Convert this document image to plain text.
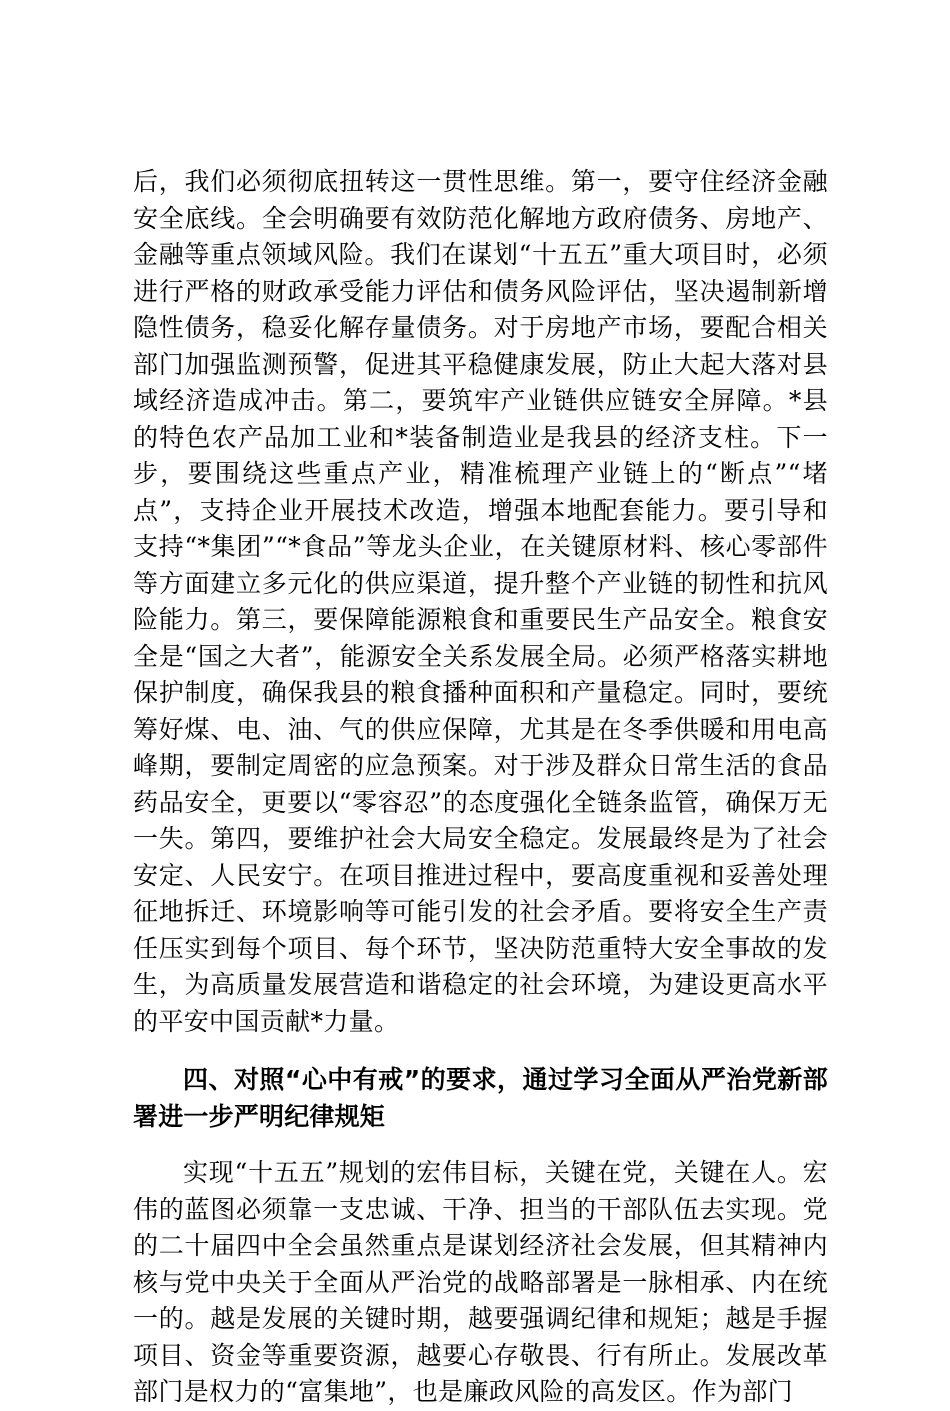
后，我们必须彻底扭转这一贯性思维。第一，要守住经济金融安全底线。全会明确要有效防范化解地方政府债务、房地产、金融等重点领域风险。我们在谋划“十五五”重大项目时，必须进行严格的财政承受能力评估和债务风险评估，坚决遏制新增隐性债务，稳妥化解存量债务。对于房地产市场，要配合相关部门加强监测预警，促进其平稳健康发展，防止大起大落对县域经济造成冲击。第二，要筑牢产业链供应链安全屏障。*县的特色农产品加工业和*装备制造业是我县的经济支柱。下一步，要围绕这些重点产业，精准梳理产业链上的“断点”“堵点”，支持企业开展技术改造，增强本地配套能力。要引导和支持“*集团”“*食品”等龙头企业，在关键原材料、核心零部件等方面建立多元化的供应渠道，提升整个产业链的韧性和抗风险能力。第三，要保障能源粮食和重要民生产品安全。粮食安全是“国之大者”，能源安全关系发展全局。必须严格落实耕地保护制度，确保我县的粮食播种面积和产量稳定。同时，要统筹好煤、电、油、气的供应保障，尤其是在冬季供暖和用电高峰期，要制定周密的应急预案。对于涉及群众日常生活的食品药品安全，更要以“零容忍”的态度强化全链条监管，确保万无一失。第四，要维护社会大局安全稳定。发展最终是为了社会安定、人民安宁。在项目推进过程中，要高度重视和妥善处理征地拆迁、环境影响等可能引发的社会矛盾。要将安全生产责任压实到每个项目、每个环节，坚决防范重特大安全事故的发生，为高质量发展营造和谐稳定的社会环境，为建设更高水平的平安中国贡献*力量。

四、对照“心中有戒”的要求，通过学习全面从严治党新部署进一步严明纪律规矩

实现“十五五”规划的宏伟目标，关键在党，关键在人。宏伟的蓝图必须靠一支忠诚、干净、担当的干部队伍去实现。党的二十届四中全会虽然重点是谋划经济社会发展，但其精神内核与党中央关于全面从严治党的战略部署是一脉相承、内在统一的。越是发展的关键时期，越要强调纪律和规矩；越是手握项目、资金等重要资源，越要心存敬畏、行有所止。发展改革部门是权力的“富集地”，也是廉政风险的高发区。作为部门
